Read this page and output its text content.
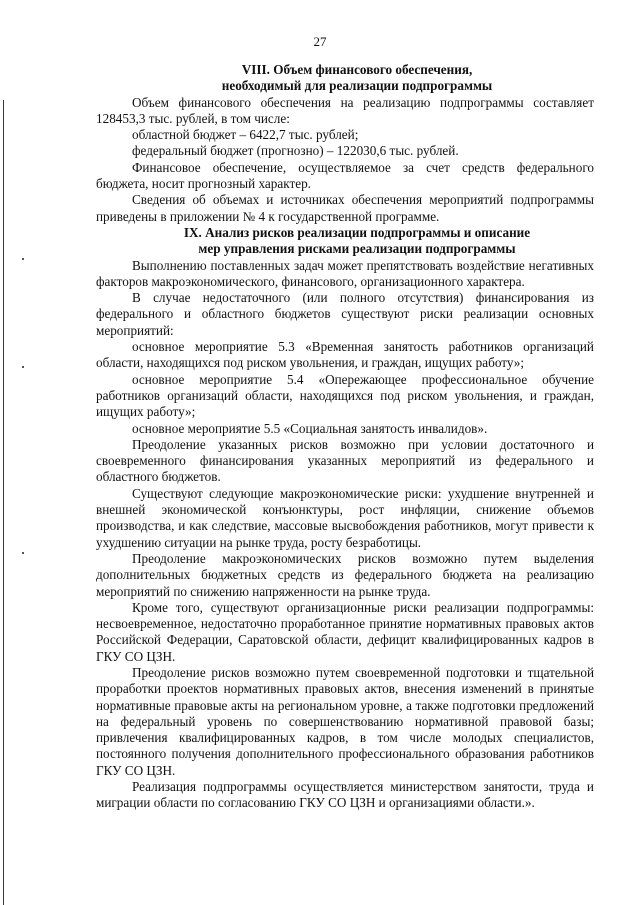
27
VIII. Объем финансового обеспечения,
необходимый для реализации подпрограммы

Объем финансового обеспечения на реализацию подпрограммы составляет 128453,3 тыс. рублей, в том числе:

областной бюджет – 6422,7 тыс. рублей;

федеральный бюджет (прогнозно) – 122030,6 тыс. рублей.

Финансовое обеспечение, осуществляемое за счет средств федерального бюджета, носит прогнозный характер.

Сведения об объемах и источниках обеспечения мероприятий подпрограммы приведены в приложении № 4 к государственной программе.

IX. Анализ рисков реализации подпрограммы и описание
мер управления рисками реализации подпрограммы

Выполнению поставленных задач может препятствовать воздействие негативных факторов макроэкономического, финансового, организационного характера.

В случае недостаточного (или полного отсутствия) финансирования из федерального и областного бюджетов существуют риски реализации основных мероприятий:

основное мероприятие 5.3 «Временная занятость работников организаций области, находящихся под риском увольнения, и граждан, ищущих работу»;

основное мероприятие 5.4 «Опережающее профессиональное обучение работников организаций области, находящихся под риском увольнения, и граждан, ищущих работу»;

основное мероприятие 5.5 «Социальная занятость инвалидов».

Преодоление указанных рисков возможно при условии достаточного и своевременного финансирования указанных мероприятий из федерального и областного бюджетов.

Существуют следующие макроэкономические риски: ухудшение внутренней и внешней экономической конъюнктуры, рост инфляции, снижение объемов производства, и как следствие, массовые высвобождения работников, могут привести к ухудшению ситуации на рынке труда, росту безработицы.

Преодоление макроэкономических рисков возможно путем выделения дополнительных бюджетных средств из федерального бюджета на реализацию мероприятий по снижению напряженности на рынке труда.

Кроме того, существуют организационные риски реализации подпрограммы: несвоевременное, недостаточно проработанное принятие нормативных правовых актов Российской Федерации, Саратовской области, дефицит квалифицированных кадров в ГКУ СО ЦЗН.

Преодоление рисков возможно путем своевременной подготовки и тщательной проработки проектов нормативных правовых актов, внесения изменений в принятые нормативные правовые акты на региональном уровне, а также подготовки предложений на федеральный уровень по совершенствованию нормативной правовой базы; привлечения квалифицированных кадров, в том числе молодых специалистов, постоянного получения дополнительного профессионального образования работников ГКУ СО ЦЗН.

Реализация подпрограммы осуществляется министерством занятости, труда и миграции области по согласованию ГКУ СО ЦЗН и организациями области.».
